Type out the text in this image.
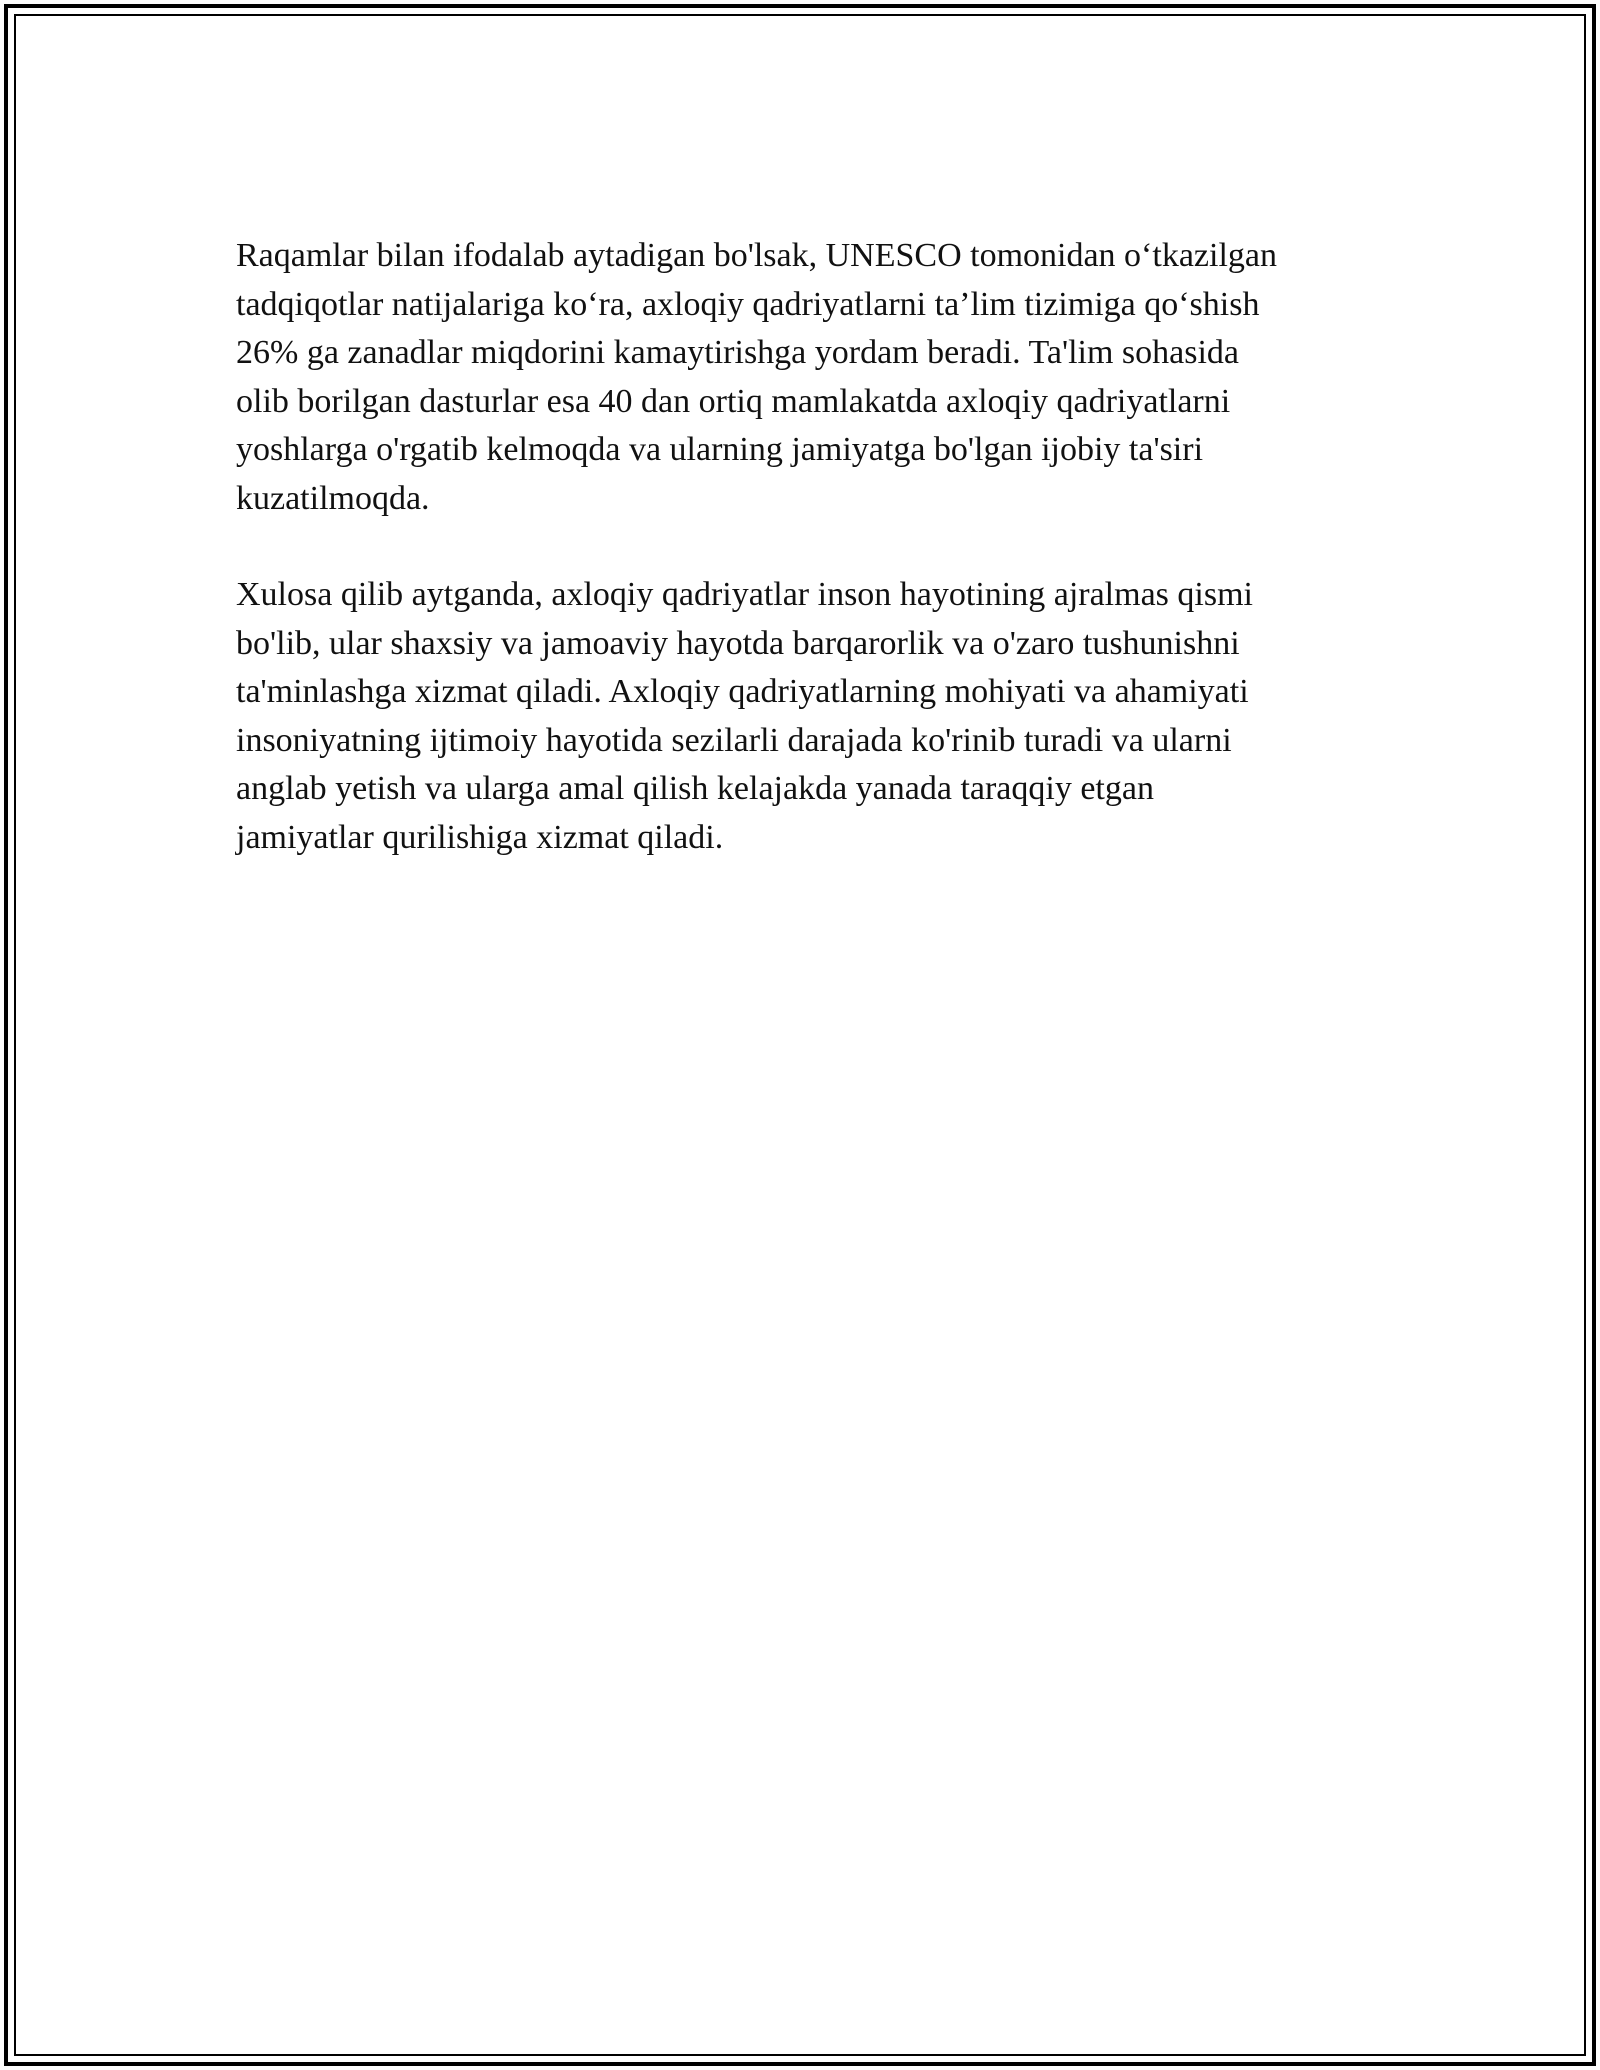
Raqamlar bilan ifodalab aytadigan bo'lsak, UNESCO tomonidan o‘tkazilgan
tadqiqotlar natijalariga ko‘ra, axloqiy qadriyatlarni ta’lim tizimiga qo‘shish
26% ga zanadlar miqdorini kamaytirishga yordam beradi. Ta'lim sohasida
olib borilgan dasturlar esa 40 dan ortiq mamlakatda axloqiy qadriyatlarni
yoshlarga o'rgatib kelmoqda va ularning jamiyatga bo'lgan ijobiy ta'siri
kuzatilmoqda.

Xulosa qilib aytganda, axloqiy qadriyatlar inson hayotining ajralmas qismi
bo'lib, ular shaxsiy va jamoaviy hayotda barqarorlik va o'zaro tushunishni
ta'minlashga xizmat qiladi. Axloqiy qadriyatlarning mohiyati va ahamiyati
insoniyatning ijtimoiy hayotida sezilarli darajada ko'rinib turadi va ularni
anglab yetish va ularga amal qilish kelajakda yanada taraqqiy etgan
jamiyatlar qurilishiga xizmat qiladi.
